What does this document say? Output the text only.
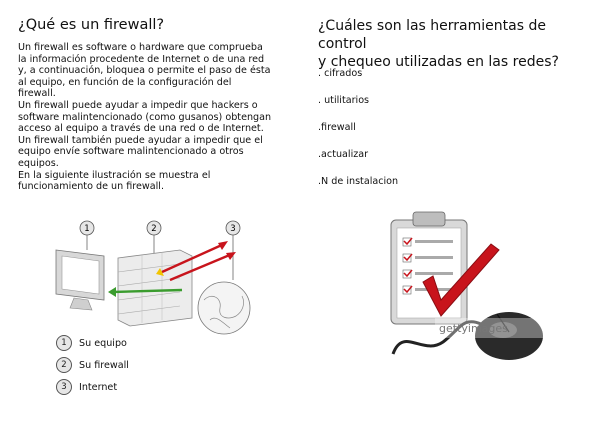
¿Qué es un firewall?
Un firewall es software o hardware que comprueba
la información procedente de Internet o de una red
y, a continuación, bloquea o permite el paso de ésta
al equipo, en función de la configuración del
firewall.
Un firewall puede ayudar a impedir que hackers o
software malintencionado (como gusanos) obtengan
acceso al equipo a través de una red o de Internet.
Un firewall también puede ayudar a impedir que el
equipo envíe software malintencionado a otros
equipos.
En la siguiente ilustración se muestra el
funcionamiento de un firewall.
1	2	3
1	Su equipo
2	Su firewall
3	Internet
¿Cuáles son las herramientas de control
y chequeo utilizadas en las redes?
. cifrados
. utilitarios
.firewall
.actualizar
.N de instalacion
gettyimages
